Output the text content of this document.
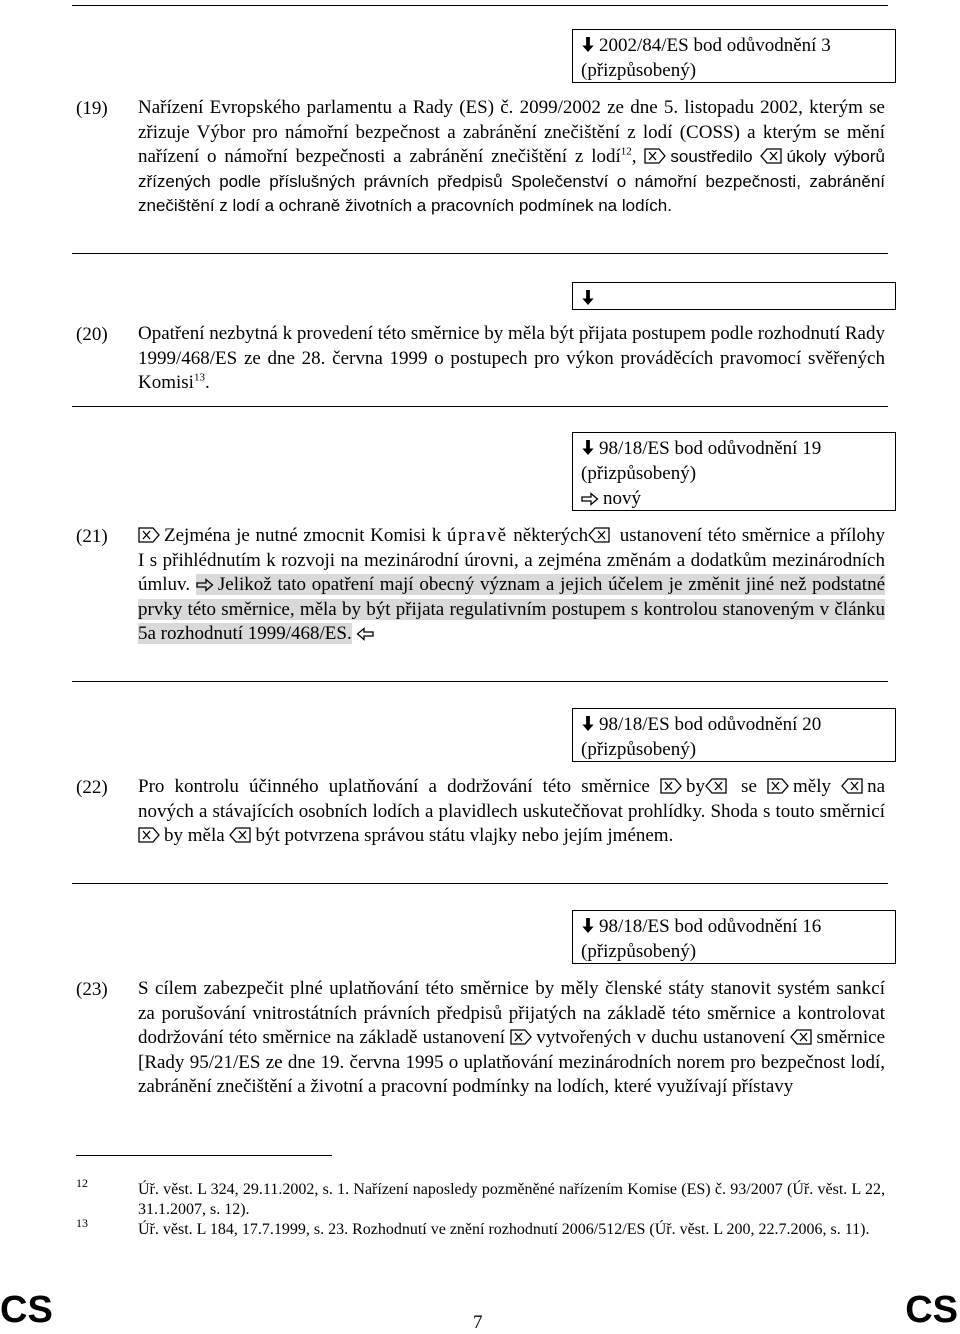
2002/84/ES bod odůvodnění 3
(přizpůsobený)
(19) Nařízení Evropského parlamentu a Rady (ES) č. 2099/2002 ze dne 5. listopadu 2002, kterým se zřizuje Výbor pro námořní bezpečnost a zabránění znečištění z lodí (COSS) a kterým se mění nařízení o námořní bezpečnosti a zabránění znečištění z lodí$^{12}$, soustředilo úkoly výborů zřízených podle příslušných právních předpisů Společenství o námořní bezpečnosti, zabránění znečištění z lodí a ochraně životních a pracovních podmínek na lodích.
(20) Opatření nezbytná k provedení této směrnice by měla být přijata postupem podle rozhodnutí Rady 1999/468/ES ze dne 28. června 1999 o postupech pro výkon prováděcích pravomocí svěřených Komisi$^{13}$.
98/18/ES bod odůvodnění 19
(přizpůsobený)
nový
(21)	Zejména je nutné zmocnit Komisi k úpravě některých ustanovení této směrnice a přílohy I s přihlédnutím k rozvoji na mezinárodní úrovni, a zejména změnám a dodatkům mezinárodních úmluv. Jelikož tato opatření mají obecný význam a jejich účelem je změnit jiné než podstatné prvky této směrnice, měla by být přijata regulativním postupem s kontrolou stanoveným v článku 5a rozhodnutí 1999/468/ES.
98/18/ES bod odůvodnění 20
(přizpůsobený)
(22) Pro kontrolu účinného uplatňování a dodržování této směrnice by se měly na nových a stávajících osobních lodích a plavidlech uskutečňovat prohlídky. Shoda s touto směrnicí by měla být potvrzena správou státu vlajky nebo jejím jménem.
98/18/ES bod odůvodnění 16
(přizpůsobený)
(23) S cílem zabezpečit plné uplatňování této směrnice by měly členské státy stanovit systém sankcí za porušování vnitrostátních právních předpisů přijatých na základě této směrnice a kontrolovat dodržování této směrnice na základě ustanovení vytvořených v duchu ustanovení směrnice [Rady 95/21/ES ze dne 19. června 1995 o uplatňování mezinárodních norem pro bezpečnost lodí, zabránění znečištění a životní a pracovní podmínky na lodích, které využívají přístavy
12	Úř. věst. L 324, 29.11.2002, s. 1. Nařízení naposledy pozměněné nařízením Komise (ES) č. 93/2007 (Úř. věst. L 22, 31.1.2007, s. 12).
13	Úř. věst. L 184, 17.7.1999, s. 23. Rozhodnutí ve znění rozhodnutí 2006/512/ES (Úř. věst. L 200, 22.7.2006, s. 11).
CS	7	CS
